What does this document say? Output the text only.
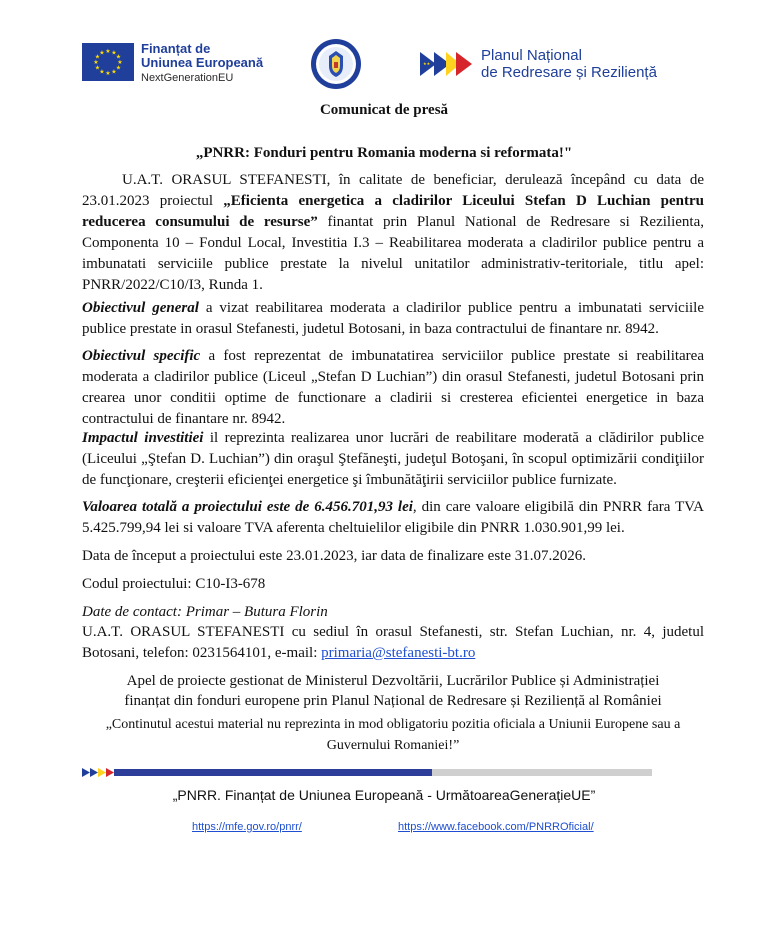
★ ★
★
★
★
★
★
★
★
★
★
★	Finanțat de
Uniunea Europeană
NextGenerationEU
★★	Planul Național
de Redresare și Reziliență
Comunicat de presă
„PNRR: Fonduri pentru Romania moderna si reformata!"
U.A.T. ORASUL STEFANESTI, în calitate de beneficiar, derulează începând cu data de 23.01.2023 proiectul „Eficienta energetica a cladirilor Liceului Stefan D Luchian pentru reducerea consumului de resurse” finantat prin Planul National de Redresare si Rezilienta, Componenta 10 – Fondul Local, Investitia I.3 – Reabilitarea moderata a cladirilor publice pentru a imbunatati serviciile publice prestate la nivelul unitatilor administrativ-teritoriale, titlu apel: PNRR/2022/C10/I3, Runda 1.
Obiectivul general a vizat reabilitarea moderata a cladirilor publice pentru a imbunatati serviciile publice prestate in orasul Stefanesti, judetul Botosani, in baza contractului de finantare nr. 8942.
Obiectivul specific a fost reprezentat de imbunatatirea serviciilor publice prestate si reabilitarea moderata a cladirilor publice (Liceul „Stefan D Luchian”) din orasul Stefanesti, judetul Botosani prin crearea unor conditii optime de functionare a cladirii si cresterea eficientei energetice in baza contractului de finantare nr. 8942.
Impactul investitiei il reprezinta realizarea unor lucrări de reabilitare moderată a clădirilor publice (Liceului „Ştefan D. Luchian”) din oraşul Ştefăneşti, judeţul Botoşani, în scopul optimizării condiţiilor de funcţionare, creşterii eficienţei energetice şi îmbunătăţirii serviciilor publice furnizate.
Valoarea totală a proiectului este de 6.456.701,93 lei, din care valoare eligibilă din PNRR fara TVA 5.425.799,94 lei si valoare TVA aferenta cheltuielilor eligibile din PNRR 1.030.901,99 lei.
Data de început a proiectului este 23.01.2023, iar data de finalizare este 31.07.2026.
Codul proiectului: C10-I3-678
Date de contact: Primar – Butura Florin
U.A.T. ORASUL STEFANESTI cu sediul în orasul Stefanesti, str. Stefan Luchian, nr. 4, judetul Botosani, telefon: 0231564101, e-mail: primaria@stefanesti-bt.ro
Apel de proiecte gestionat de Ministerul Dezvoltării, Lucrărilor Publice și Administrației
finanțat din fonduri europene prin Planul Național de Redresare și Reziliență al României
„Continutul acestui material nu reprezinta in mod obligatoriu pozitia oficiala a Uniunii Europene sau a Guvernului Romaniei!”
„PNRR. Finanțat de Uniunea Europeană - UrmătoareaGenerațieUE”
https://mfe.gov.ro/pnrr/	https://www.facebook.com/PNRROficial/
